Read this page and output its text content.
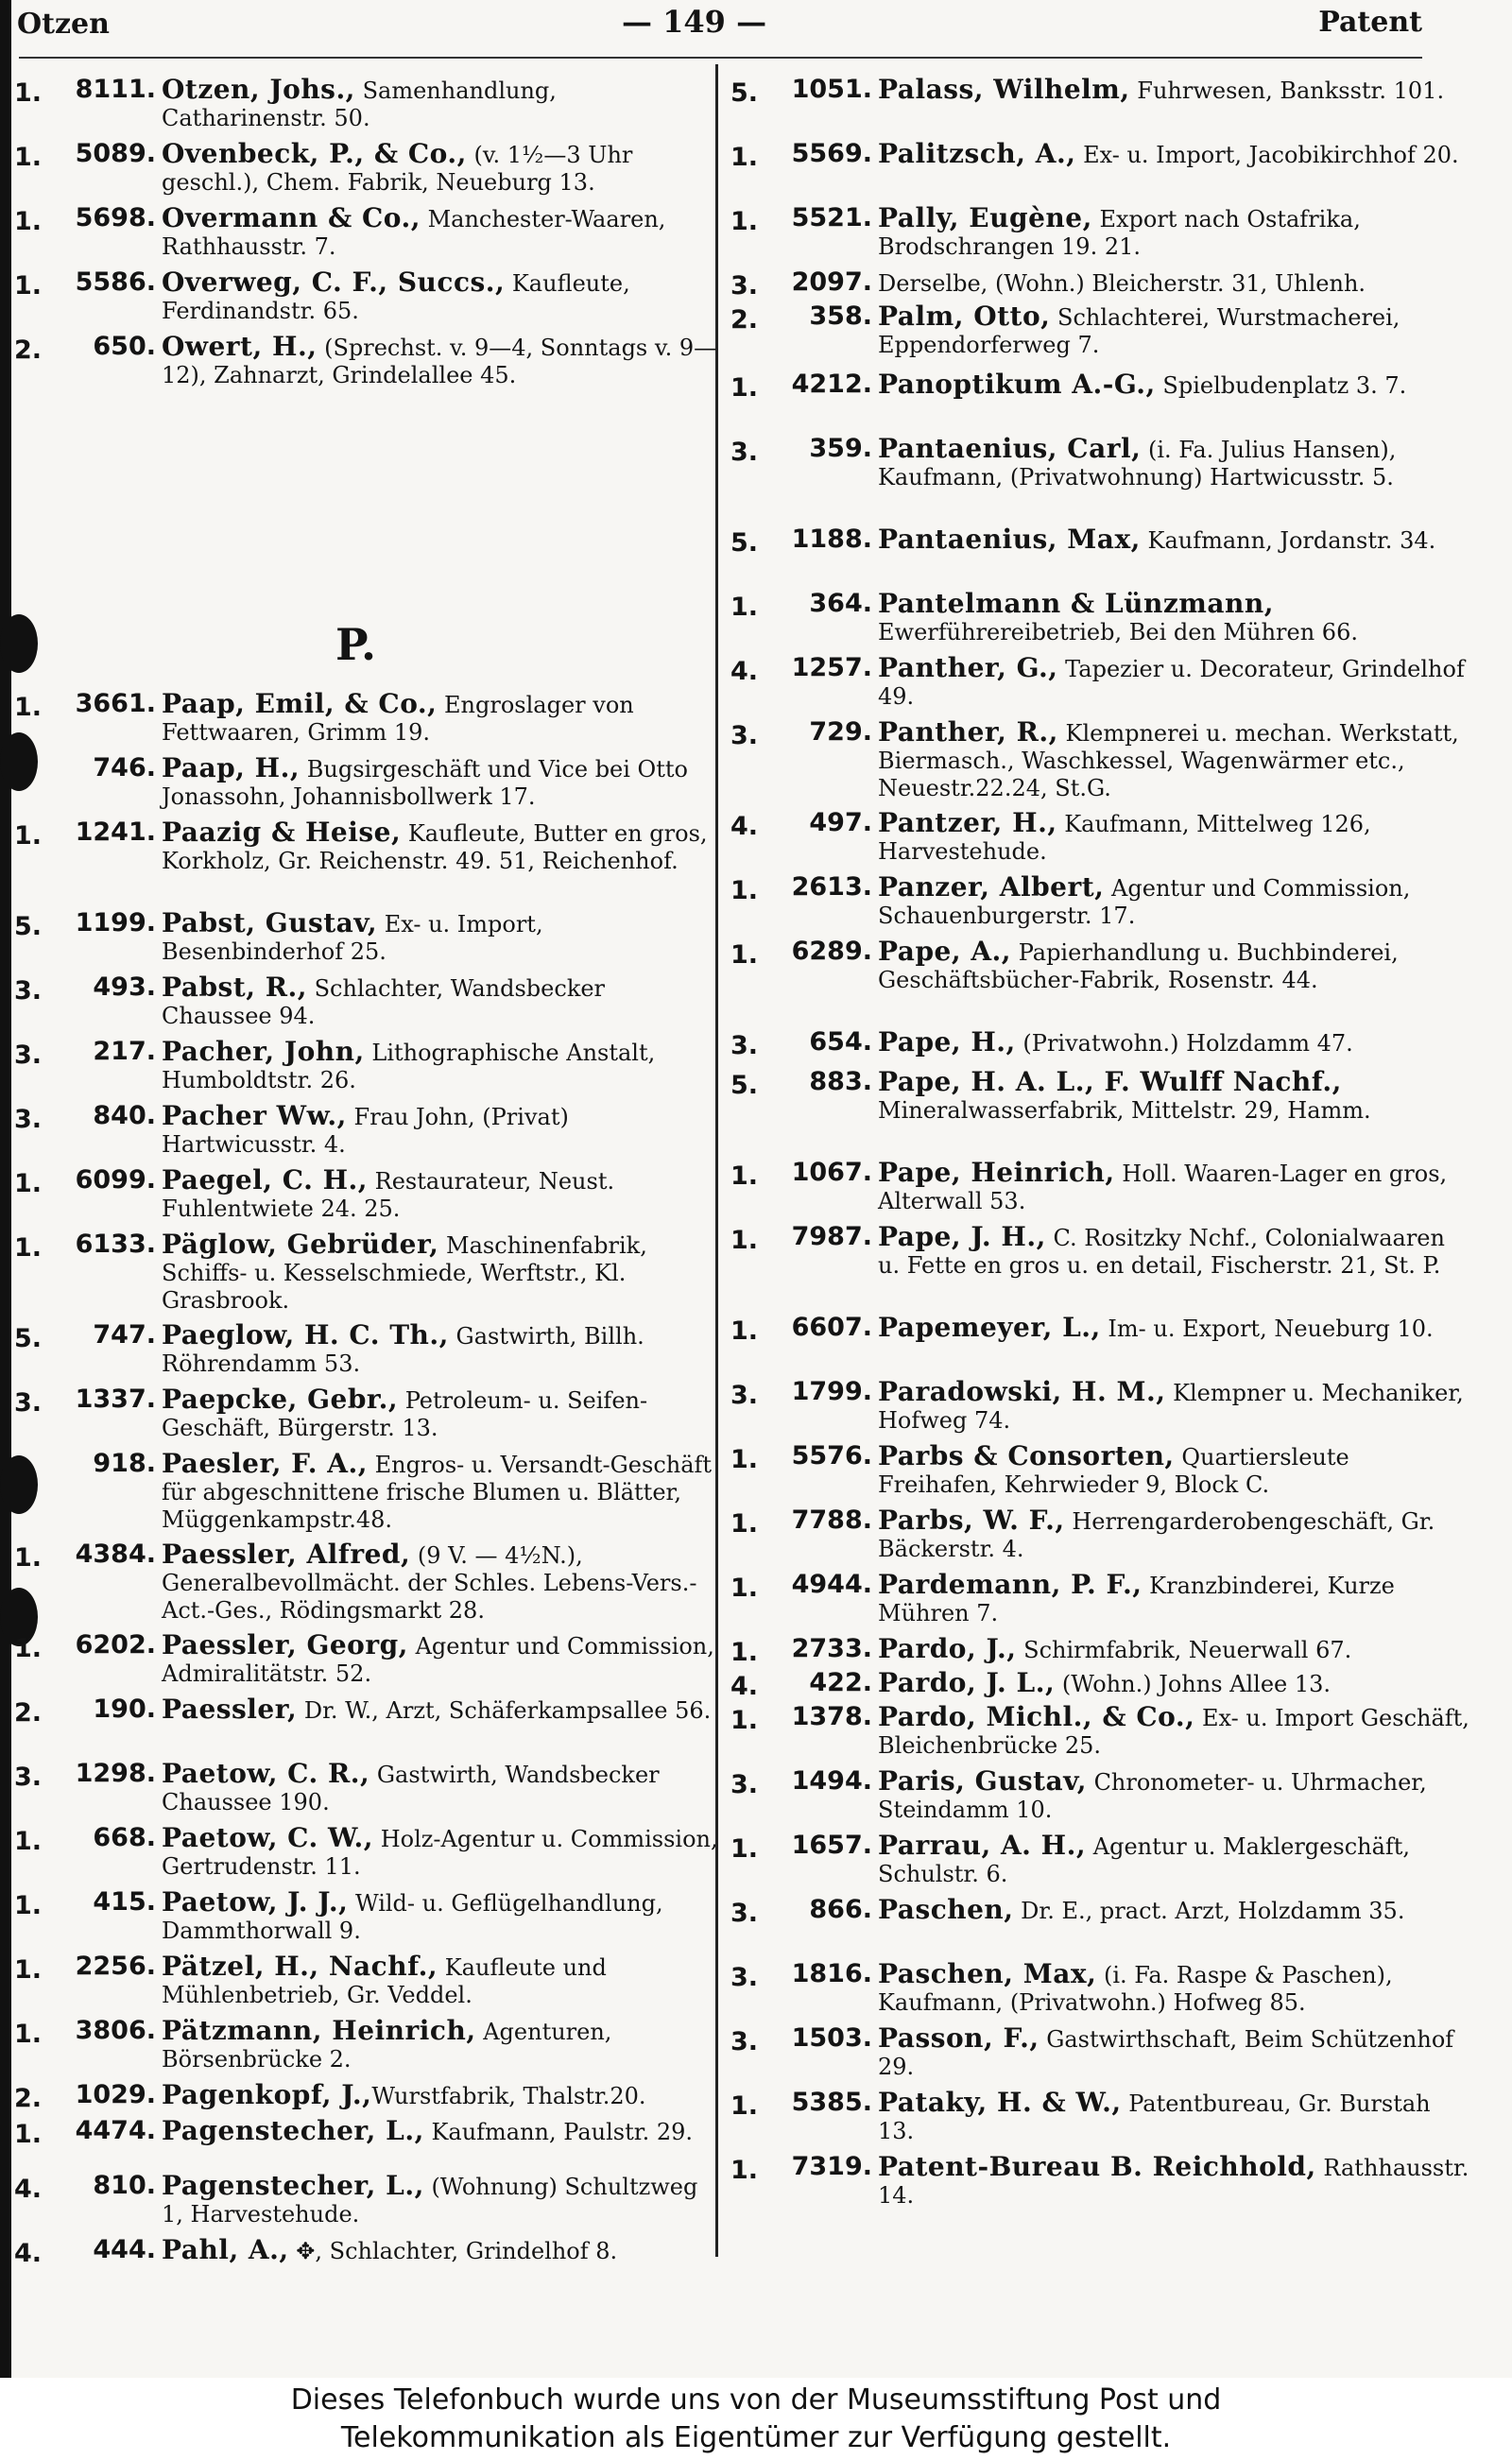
Otzen	— 149 —	Patent
P.
1. 8111. Otzen, Johs., Samenhandlung, Catharinenstr. 50.
1. 5089. Ovenbeck, P., & Co., (v. 1½—3 Uhr geschl.), Chem. Fabrik, Neueburg 13.
1. 5698. Overmann & Co., Manchester-Waaren, Rathhausstr. 7.
1. 5586. Overweg, C. F., Succs., Kaufleute, Ferdinandstr. 65.
2. 650. Owert, H., (Sprechst. v. 9—4, Sonntags v. 9—12), Zahnarzt, Grindelallee 45.
1. 3661. Paap, Emil, & Co., Engroslager von Fettwaaren, Grimm 19.
746. Paap, H., Bugsirgeschäft und Vice bei Otto Jonassohn, Johannisbollwerk 17.
1. 1241. Paazig & Heise, Kaufleute, Butter en gros, Korkholz, Gr. Reichenstr. 49. 51, Reichenhof.
5. 1199. Pabst, Gustav, Ex- u. Import, Besenbinderhof 25.
3. 493. Pabst, R., Schlachter, Wandsbecker Chaussee 94.
3. 217. Pacher, John, Lithographische Anstalt, Humboldtstr. 26.
3. 840. Pacher Ww., Frau John, (Privat) Hartwicusstr. 4.
1. 6099. Paegel, C. H., Restaurateur, Neust. Fuhlentwiete 24. 25.
1. 6133. Päglow, Gebrüder, Maschinenfabrik, Schiffs- u. Kesselschmiede, Werftstr., Kl. Grasbrook.
5. 747. Paeglow, H. C. Th., Gastwirth, Billh. Röhrendamm 53.
3. 1337. Paepcke, Gebr., Petroleum- u. Seifen-Geschäft, Bürgerstr. 13.
918. Paesler, F. A., Engros- u. Versandt-Geschäft für abgeschnittene frische Blumen u. Blätter, Müggenkampstr.48.
1. 4384. Paessler, Alfred, (9 V. — 4½N.), Generalbevollmächt. der Schles. Lebens-Vers.-Act.-Ges., Rödingsmarkt 28.
1. 6202. Paessler, Georg, Agentur und Commission, Admiralitätstr. 52.
2. 190. Paessler, Dr. W., Arzt, Schäferkampsallee 56.
3. 1298. Paetow, C. R., Gastwirth, Wandsbecker Chaussee 190.
1. 668. Paetow, C. W., Holz-Agentur u. Commission, Gertrudenstr. 11.
1. 415. Paetow, J. J., Wild- u. Geflügelhandlung, Dammthorwall 9.
1. 2256. Pätzel, H., Nachf., Kaufleute und Mühlenbetrieb, Gr. Veddel.
1. 3806. Pätzmann, Heinrich, Agenturen, Börsenbrücke 2.
2. 1029. Pagenkopf, J.,Wurstfabrik, Thalstr.20.
1. 4474. Pagenstecher, L., Kaufmann, Paulstr. 29.
4. 810. Pagenstecher, L., (Wohnung) Schultzweg 1, Harvestehude.
4. 444. Pahl, A., ✥, Schlachter, Grindelhof 8.
5. 1051. Palass, Wilhelm, Fuhrwesen, Banksstr. 101.
1. 5569. Palitzsch, A., Ex- u. Import, Jacobikirchhof 20.
1. 5521. Pally, Eugène, Export nach Ostafrika, Brodschrangen 19. 21.
3. 2097. Derselbe, (Wohn.) Bleicherstr. 31, Uhlenh.
2. 358. Palm, Otto, Schlachterei, Wurstmacherei, Eppendorferweg 7.
1. 4212. Panoptikum A.-G., Spielbudenplatz 3. 7.
3. 359. Pantaenius, Carl, (i. Fa. Julius Hansen), Kaufmann, (Privatwohnung) Hartwicusstr. 5.
5. 1188. Pantaenius, Max, Kaufmann, Jordanstr. 34.
1. 364. Pantelmann & Lünzmann, Ewerführereibetrieb, Bei den Mühren 66.
4. 1257. Panther, G., Tapezier u. Decorateur, Grindelhof 49.
3. 729. Panther, R., Klempnerei u. mechan. Werkstatt, Biermasch., Waschkessel, Wagenwärmer etc., Neuestr.22.24, St.G.
4. 497. Pantzer, H., Kaufmann, Mittelweg 126, Harvestehude.
1. 2613. Panzer, Albert, Agentur und Commission, Schauenburgerstr. 17.
1. 6289. Pape, A., Papierhandlung u. Buchbinderei, Geschäftsbücher-Fabrik, Rosenstr. 44.
3. 654. Pape, H., (Privatwohn.) Holzdamm 47.
5. 883. Pape, H. A. L., F. Wulff Nachf., Mineralwasserfabrik, Mittelstr. 29, Hamm.
1. 1067. Pape, Heinrich, Holl. Waaren-Lager en gros, Alterwall 53.
1. 7987. Pape, J. H., C. Rositzky Nchf., Colonialwaaren u. Fette en gros u. en detail, Fischerstr. 21, St. P.
1. 6607. Papemeyer, L., Im- u. Export, Neueburg 10.
3. 1799. Paradowski, H. M., Klempner u. Mechaniker, Hofweg 74.
1. 5576. Parbs & Consorten, Quartiersleute Freihafen, Kehrwieder 9, Block C.
1. 7788. Parbs, W. F., Herrengarderobengeschäft, Gr. Bäckerstr. 4.
1. 4944. Pardemann, P. F., Kranzbinderei, Kurze Mühren 7.
1. 2733. Pardo, J., Schirmfabrik, Neuerwall 67.
4. 422. Pardo, J. L., (Wohn.) Johns Allee 13.
1. 1378. Pardo, Michl., & Co., Ex- u. Import Geschäft, Bleichenbrücke 25.
3. 1494. Paris, Gustav, Chronometer- u. Uhrmacher, Steindamm 10.
1. 1657. Parrau, A. H., Agentur u. Maklergeschäft, Schulstr. 6.
3. 866. Paschen, Dr. E., pract. Arzt, Holzdamm 35.
3. 1816. Paschen, Max, (i. Fa. Raspe & Paschen), Kaufmann, (Privatwohn.) Hofweg 85.
3. 1503. Passon, F., Gastwirthschaft, Beim Schützenhof 29.
1. 5385. Pataky, H. & W., Patentbureau, Gr. Burstah 13.
1. 7319. Patent-Bureau B. Reichhold, Rathhausstr. 14.
Dieses Telefonbuch wurde uns von der Museumsstiftung Post und
Telekommunikation als Eigentümer zur Verfügung gestellt.
